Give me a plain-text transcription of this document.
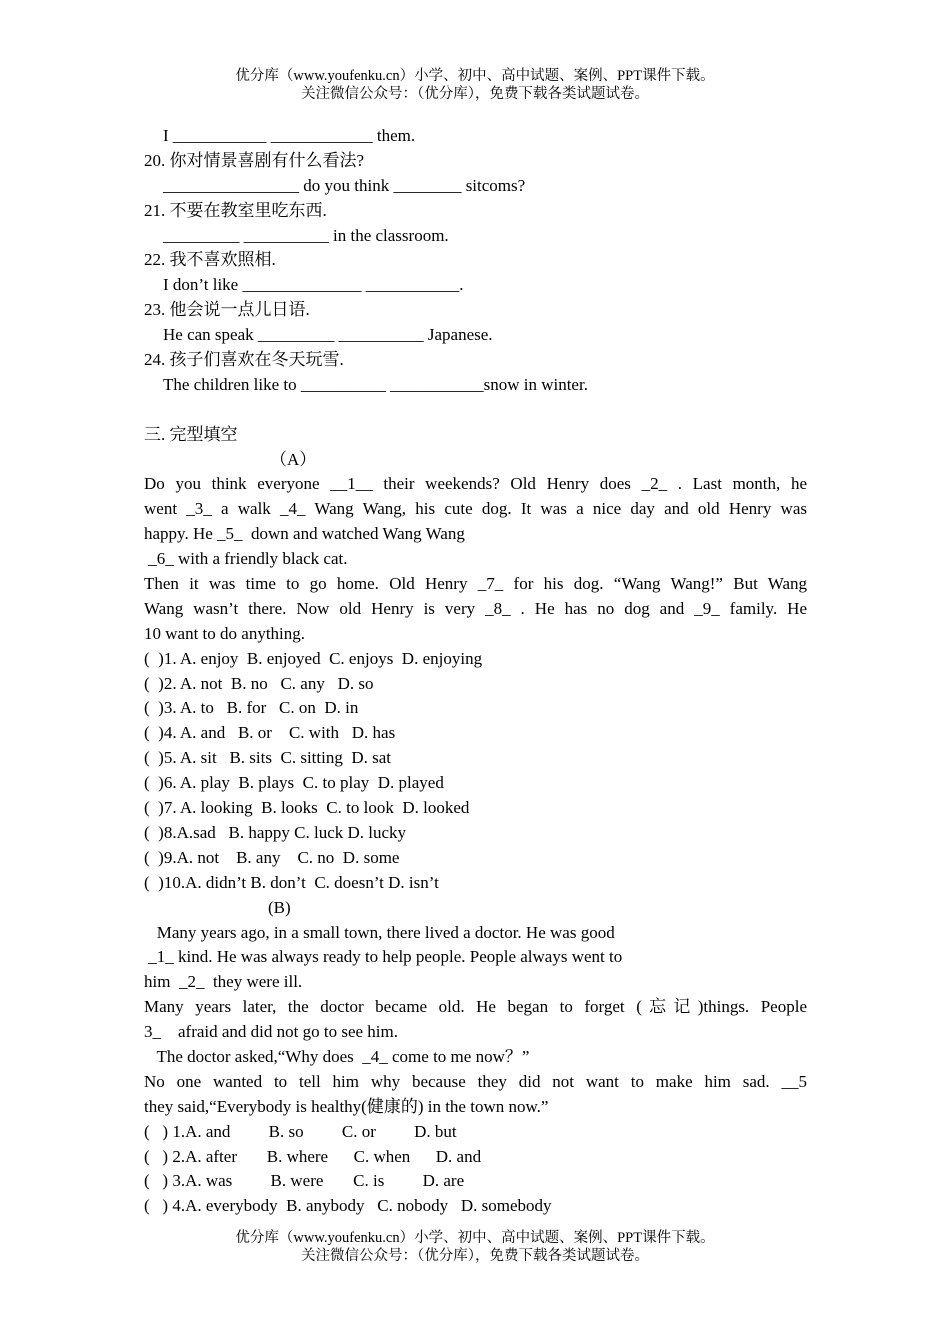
优分库（www.youfenku.cn）小学、初中、高中试题、案例、PPT课件下载。
关注微信公众号：（优分库），免费下载各类试题试卷。
I ___________ ____________ them.
20. 你对情景喜剧有什么看法?
________________ do you think ________ sitcoms?
21. 不要在教室里吃东西.
_________ __________ in the classroom.
22. 我不喜欢照相.
I don’t like ______________ ___________.
23. 他会说一点儿日语.
He can speak _________ __________ Japanese.
24. 孩子们喜欢在冬天玩雪.
The children like to __________ ___________snow in winter.
三. 完型填空
（A）
Do you think everyone __1__ their weekends? Old Henry does _2_ . Last month, he
went _3_ a walk _4_ Wang Wang, his cute dog. It was a nice day and old Henry was
happy. He _5_  down and watched Wang Wang
_6_ with a friendly black cat.
Then it was time to go home. Old Henry _7_ for his dog. “Wang Wang!” But Wang
Wang wasn’t there. Now old Henry is very _8_ . He has no dog and _9_ family. He
10 want to do anything.
(  )1. A. enjoy  B. enjoyed  C. enjoys  D. enjoying
(  )2. A. not  B. no   C. any   D. so
(  )3. A. to   B. for   C. on  D. in
(  )4. A. and   B. or    C. with   D. has
(  )5. A. sit   B. sits  C. sitting  D. sat
(  )6. A. play  B. plays  C. to play  D. played
(  )7. A. looking  B. looks  C. to look  D. looked
(  )8.A.sad   B. happy C. luck D. lucky
(  )9.A. not    B. any    C. no  D. some
(  )10.A. didn’t B. don’t  C. doesn’t D. isn’t
(B)
Many years ago, in a small town, there lived a doctor. He was good
_1_ kind. He was always ready to help people. People always went to
him  _2_  they were ill.
Many years later, the doctor became old. He began to forget (忘记)things. People
3_    afraid and did not go to see him.
The doctor asked,“Why does  _4_ come to me now？”
No one wanted to tell him why because they did not want to make him sad. __5
they said,“Everybody is healthy(健康的) in the town now.”
(   ) 1.A. and         B. so         C. or         D. but
(   ) 2.A. after       B. where      C. when      D. and
(   ) 3.A. was         B. were       C. is         D. are
(   ) 4.A. everybody  B. anybody   C. nobody   D. somebody
优分库（www.youfenku.cn）小学、初中、高中试题、案例、PPT课件下载。
关注微信公众号：（优分库），免费下载各类试题试卷。
